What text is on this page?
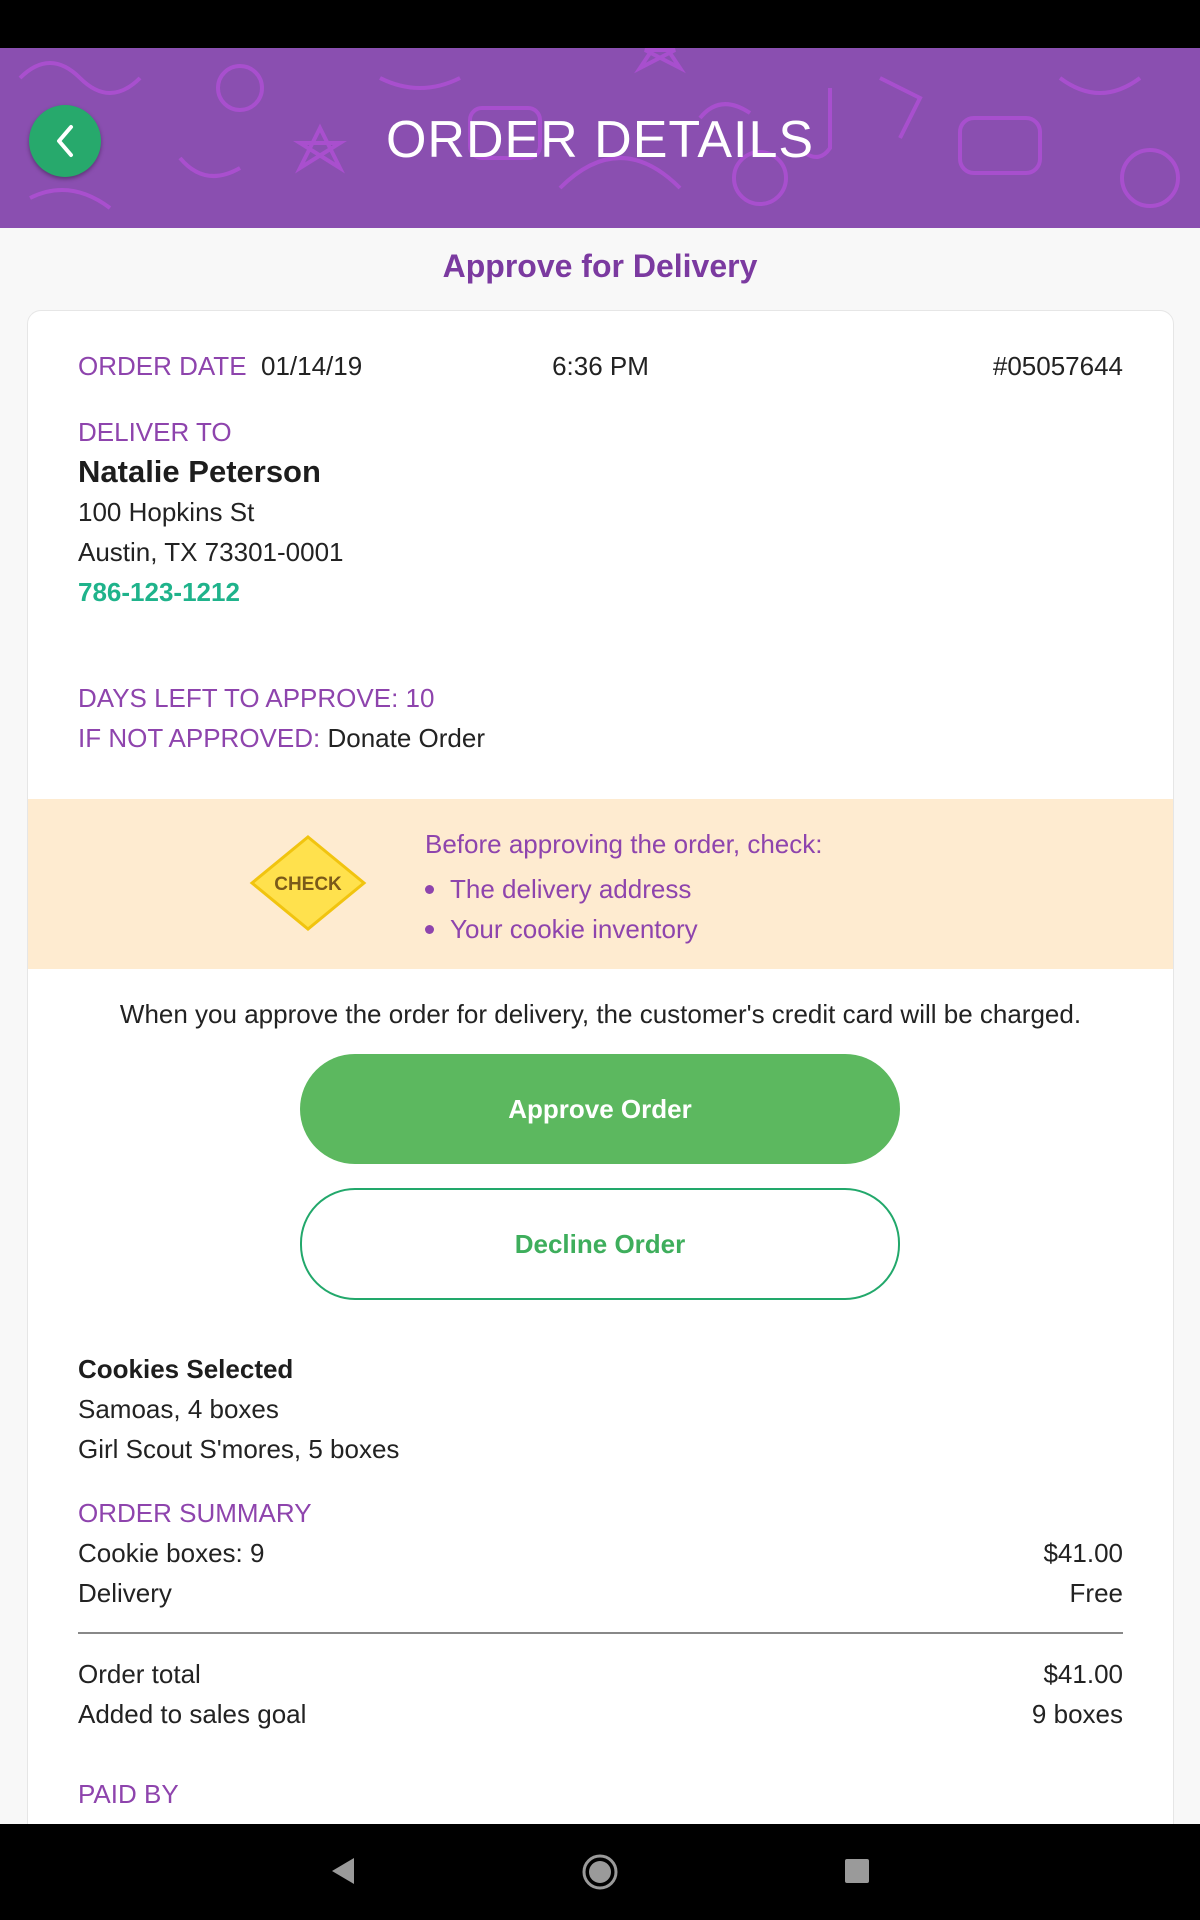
ORDER DETAILS
Approve for Delivery
ORDER DATE 01/14/19	6:36 PM	#05057644
DELIVER TO
Natalie Peterson
100 Hopkins St
Austin, TX 73301-0001
786-123-1212
DAYS LEFT TO APPROVE: 10
IF NOT APPROVED: Donate Order
CHECK
Before approving the order, check:
The delivery address
Your cookie inventory
When you approve the order for delivery, the customer's credit card will be charged.
Approve Order
Decline Order
Cookies Selected
Samoas, 4 boxes
Girl Scout S'mores, 5 boxes
ORDER SUMMARY
Cookie boxes: 9	$41.00
Delivery	Free
Order total	$41.00
Added to sales goal	9 boxes
PAID BY
